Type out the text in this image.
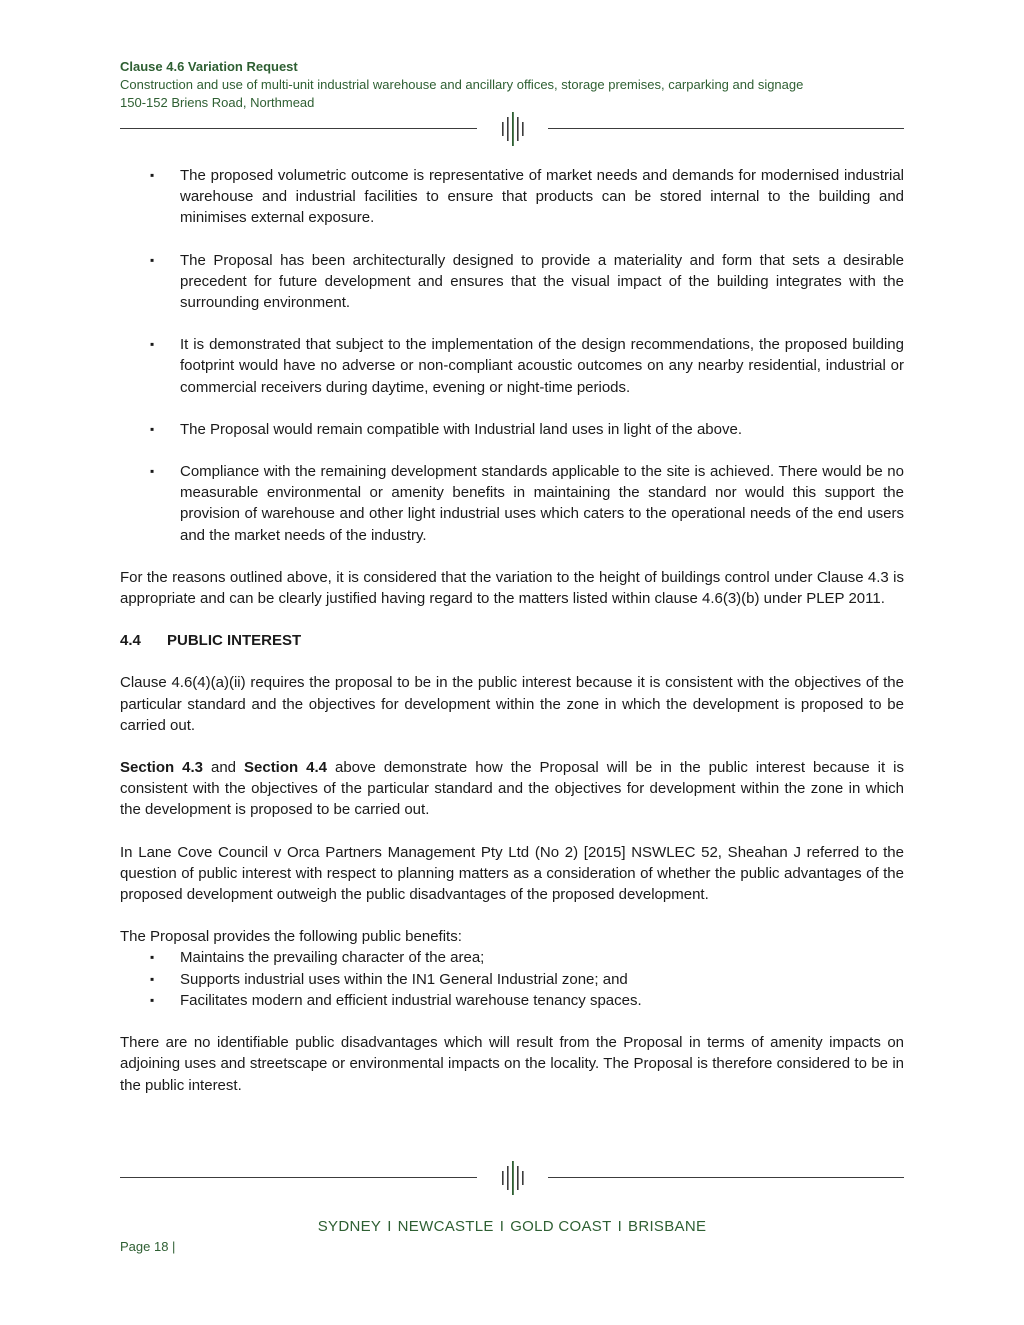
Clause 4.6 Variation Request
Construction and use of multi-unit industrial warehouse and ancillary offices, storage premises, carparking and signage
150-152 Briens Road, Northmead
▪ The proposed volumetric outcome is representative of market needs and demands for modernised industrial warehouse and industrial facilities to ensure that products can be stored internal to the building and minimises external exposure.
▪ The Proposal has been architecturally designed to provide a materiality and form that sets a desirable precedent for future development and ensures that the visual impact of the building integrates with the surrounding environment.
▪ It is demonstrated that subject to the implementation of the design recommendations, the proposed building footprint would have no adverse or non-compliant acoustic outcomes on any nearby residential, industrial or commercial receivers during daytime, evening or night-time periods.
▪ The Proposal would remain compatible with Industrial land uses in light of the above.
▪ Compliance with the remaining development standards applicable to the site is achieved. There would be no measurable environmental or amenity benefits in maintaining the standard nor would this support the provision of warehouse and other light industrial uses which caters to the operational needs of the end users and the market needs of the industry.

For the reasons outlined above, it is considered that the variation to the height of buildings control under Clause 4.3 is appropriate and can be clearly justified having regard to the matters listed within clause 4.6(3)(b) under PLEP 2011.

4.4 PUBLIC INTEREST

Clause 4.6(4)(a)(ii) requires the proposal to be in the public interest because it is consistent with the objectives of the particular standard and the objectives for development within the zone in which the development is proposed to be carried out.

Section 4.3 and Section 4.4 above demonstrate how the Proposal will be in the public interest because it is consistent with the objectives of the particular standard and the objectives for development within the zone in which the development is proposed to be carried out.

In Lane Cove Council v Orca Partners Management Pty Ltd (No 2) [2015] NSWLEC 52, Sheahan J referred to the question of public interest with respect to planning matters as a consideration of whether the public advantages of the proposed development outweigh the public disadvantages of the proposed development.

The Proposal provides the following public benefits:

▪ Maintains the prevailing character of the area;
▪ Supports industrial uses within the IN1 General Industrial zone; and
▪ Facilitates modern and efficient industrial warehouse tenancy spaces.

There are no identifiable public disadvantages which will result from the Proposal in terms of amenity impacts on adjoining uses and streetscape or environmental impacts on the locality. The Proposal is therefore considered to be in the public interest.

SYDNEY I NEWCASTLE I GOLD COAST I BRISBANE
Page 18 |
